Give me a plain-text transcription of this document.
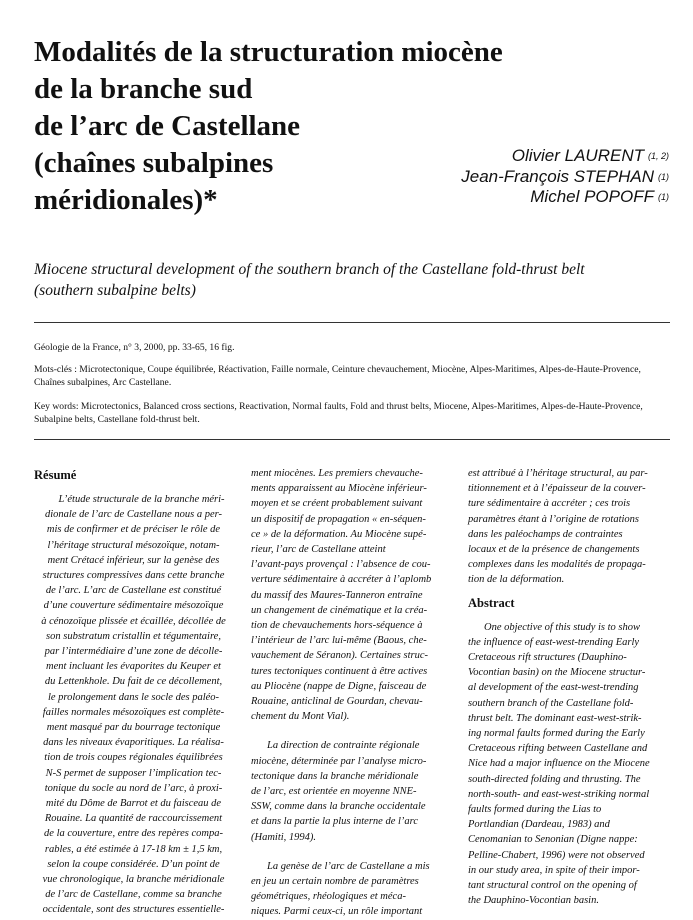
Modalités de la structuration miocène
de la branche sud
de l’arc de Castellane
(chaînes subalpines
méridionales)*
Olivier LAURENT $^{(1, 2)}$
Jean-François STEPHAN $^{(1)}$
Michel POPOFF $^{(1)}$
Miocene structural development of the southern branch of the Castellane fold-thrust belt
(southern subalpine belts)
Géologie de la France, n° 3, 2000, pp. 33-65, 16 fig.
Mots-clés : Microtectonique, Coupe équilibrée, Réactivation, Faille normale, Ceinture chevauchement, Miocène, Alpes-Maritimes, Alpes-de-Haute-Provence, Chaînes subalpines, Arc Castellane.
Key words: Microtectonics, Balanced cross sections, Reactivation, Normal faults, Fold and thrust belts, Miocene, Alpes-Maritimes, Alpes-de-Haute-Provence, Subalpine belts, Castellane fold-thrust belt.
Résumé

L’étude structurale de la branche méri-

dionale de l’arc de Castellane nous a per-

mis de confirmer et de préciser le rôle de

l’héritage structural mésozoïque, notam-

ment Crétacé inférieur, sur la genèse des

structures compressives dans cette branche

de l’arc. L’arc de Castellane est constitué

d’une couverture sédimentaire mésozoïque

à cénozoïque plissée et écaillée, décollée de

son substratum cristallin et tégumentaire,

par l’intermédiaire d’une zone de décolle-

ment incluant les évaporites du Keuper et

du Lettenkhole. Du fait de ce décollement,

le prolongement dans le socle des paléo-

failles normales mésozoïques est complète-

ment masqué par du bourrage tectonique

dans les niveaux évaporitiques. La réalisa-

tion de trois coupes régionales équilibrées

N-S permet de supposer l’implication tec-

tonique du socle au nord de l’arc, à proxi-

mité du Dôme de Barrot et du faisceau de

Rouaine. La quantité de raccourcissement

de la couverture, entre des repères compa-

rables, a été estimée à 17-18 km ± 1,5 km,

selon la coupe considérée. D’un point de

vue chronologique, la branche méridionale

de l’arc de Castellane, comme sa branche

occidentale, sont des structures essentielle-

ment miocènes. Les premiers chevauche-

ments apparaissent au Miocène inférieur-

moyen et se créent probablement suivant

un dispositif de propagation « en-séquen-

ce » de la déformation. Au Miocène supé-

rieur, l’arc de Castellane atteint

l’avant-pays provençal : l’absence de cou-

verture sédimentaire à accréter à l’aplomb

du massif des Maures-Tanneron entraîne

un changement de cinématique et la créa-

tion de chevauchements hors-séquence à

l’intérieur de l’arc lui-même (Baous, che-

vauchement de Séranon). Certaines struc-

tures tectoniques continuent à être actives

au Pliocène (nappe de Digne, faisceau de

Rouaine, anticlinal de Gourdan, chevau-

chement du Mont Vial).

La direction de contrainte régionale

miocène, déterminée par l’analyse micro-

tectonique dans la branche méridionale

de l’arc, est orientée en moyenne NNE-

SSW, comme dans la branche occidentale

et dans la partie la plus interne de l’arc

(Hamiti, 1994).

La genèse de l’arc de Castellane a mis

en jeu un certain nombre de paramètres

géométriques, rhéologiques et méca-

niques. Parmi ceux-ci, un rôle important

est attribué à l’héritage structural, au par-

titionnement et à l’épaisseur de la couver-

ture sédimentaire à accréter ; ces trois

paramètres étant à l’origine de rotations

dans les paléochamps de contraintes

locaux et de la présence de changements

complexes dans les modalités de propaga-

tion de la déformation.

Abstract

One objective of this study is to show

the influence of east-west-trending Early

Cretaceous rift structures (Dauphino-

Vocontian basin) on the Miocene structur-

al development of the east-west-trending

southern branch of the Castellane fold-

thrust belt. The dominant east-west-strik-

ing normal faults formed during the Early

Cretaceous rifting between Castellane and

Nice had a major influence on the Miocene

south-directed folding and thrusting. The

north-south- and east-west-striking normal

faults formed during the Lias to

Portlandian (Dardeau, 1983) and

Cenomanian to Senonian (Digne nappe:

Pelline-Chabert, 1996) were not observed

in our study area, in spite of their impor-

tant structural control on the opening of

the Dauphino-Vocontian basin.
